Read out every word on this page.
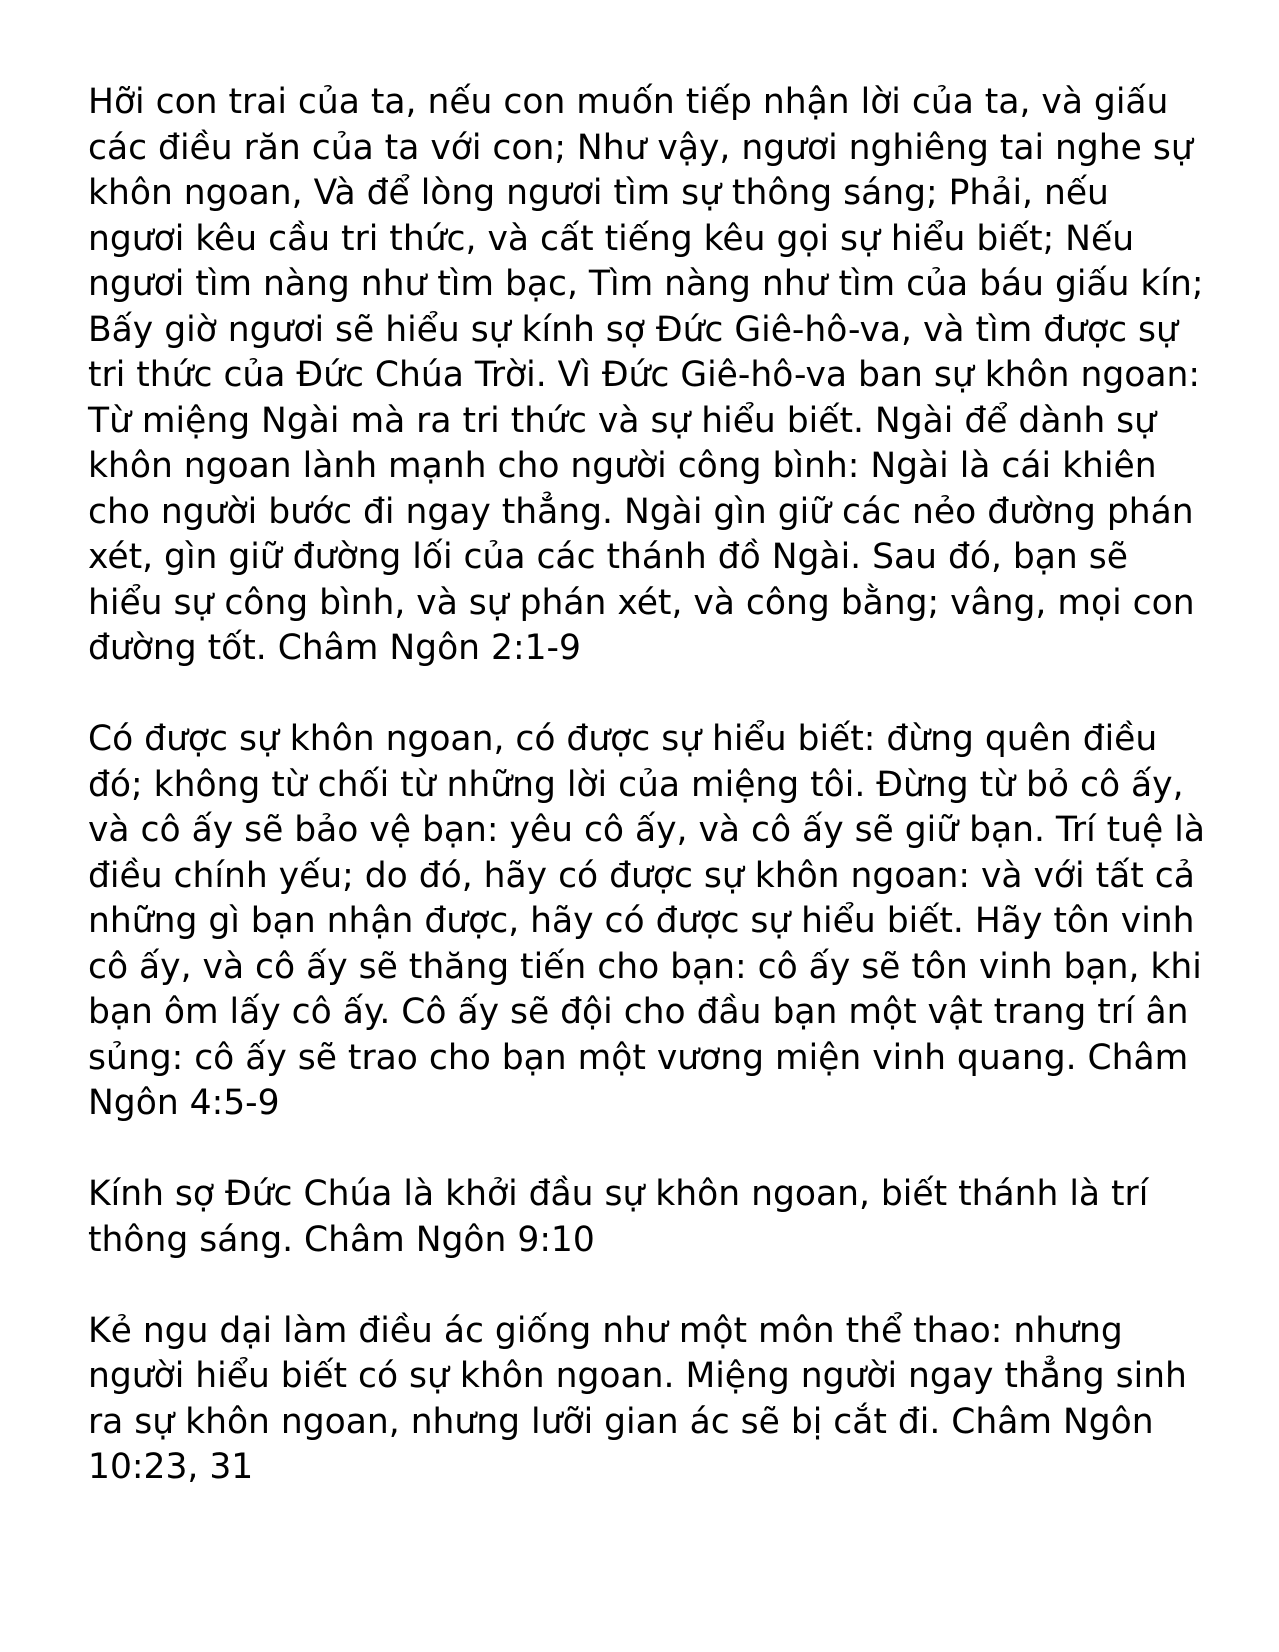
Hỡi con trai của ta, nếu con muốn tiếp nhận lời của ta, và giấu các điều răn của ta với con; Như vậy, ngươi nghiêng tai nghe sự khôn ngoan, Và để lòng ngươi tìm sự thông sáng; Phải, nếu ngươi kêu cầu tri thức, và cất tiếng kêu gọi sự hiểu biết; Nếu ngươi tìm nàng như tìm bạc, Tìm nàng như tìm của báu giấu kín; Bấy giờ ngươi sẽ hiểu sự kính sợ Đức Giê-hô-va, và tìm được sự tri thức của Đức Chúa Trời. Vì Đức Giê-hô-va ban sự khôn ngoan: Từ miệng Ngài mà ra tri thức và sự hiểu biết. Ngài để dành sự khôn ngoan lành mạnh cho người công bình: Ngài là cái khiên cho người bước đi ngay thẳng. Ngài gìn giữ các nẻo đường phán xét, gìn giữ đường lối của các thánh đồ Ngài. Sau đó, bạn sẽ hiểu sự công bình, và sự phán xét, và công bằng; vâng, mọi con đường tốt. Châm Ngôn 2:1-9

Có được sự khôn ngoan, có được sự hiểu biết: đừng quên điều đó; không từ chối từ những lời của miệng tôi. Đừng từ bỏ cô ấy, và cô ấy sẽ bảo vệ bạn: yêu cô ấy, và cô ấy sẽ giữ bạn. Trí tuệ là điều chính yếu; do đó, hãy có được sự khôn ngoan: và với tất cả những gì bạn nhận được, hãy có được sự hiểu biết. Hãy tôn vinh cô ấy, và cô ấy sẽ thăng tiến cho bạn: cô ấy sẽ tôn vinh bạn, khi bạn ôm lấy cô ấy. Cô ấy sẽ đội cho đầu bạn một vật trang trí ân sủng: cô ấy sẽ trao cho bạn một vương miện vinh quang. Châm Ngôn 4:5-9

Kính sợ Đức Chúa là khởi đầu sự khôn ngoan, biết thánh là trí thông sáng. Châm Ngôn 9:10

Kẻ ngu dại làm điều ác giống như một môn thể thao: nhưng người hiểu biết có sự khôn ngoan. Miệng người ngay thẳng sinh ra sự khôn ngoan, nhưng lưỡi gian ác sẽ bị cắt đi. Châm Ngôn 10:23, 31
